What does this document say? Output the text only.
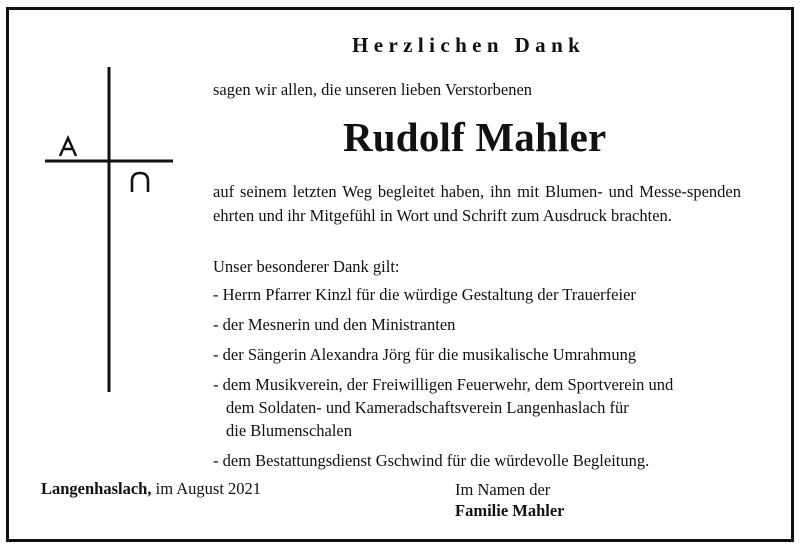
Herzlichen Dank
sagen wir allen, die unseren lieben Verstorbenen
Rudolf Mahler
auf seinem letzten Weg begleitet haben, ihn mit Blumen- und Messe-spenden ehrten und ihr Mitgefühl in Wort und Schrift zum Ausdruck brachten.
Unser besonderer Dank gilt:
- Herrn Pfarrer Kinzl für die würdige Gestaltung der Trauerfeier
- der Mesnerin und den Ministranten
- der Sängerin Alexandra Jörg für die musikalische Umrahmung
- dem Musikverein, der Freiwilligen Feuerwehr, dem Sportverein und
dem Soldaten- und Kameradschaftsverein Langenhaslach für
die Blumenschalen
- dem Bestattungsdienst Gschwind für die würdevolle Begleitung.
Langenhaslach, im August 2021	Im Namen der
Familie Mahler
